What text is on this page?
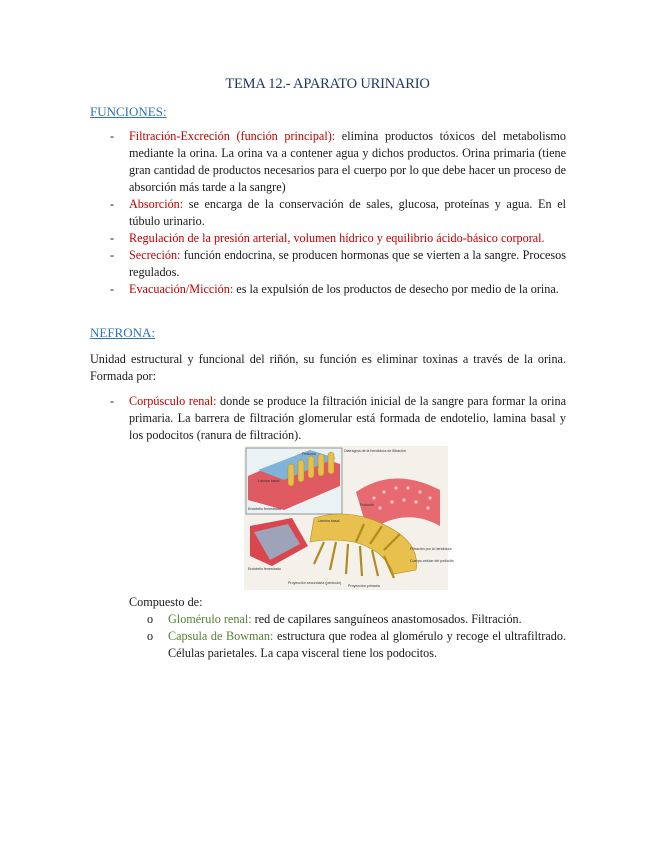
TEMA 12.- APARATO URINARIO
FUNCIONES:
- Filtración-Excreción (función principal): elimina productos tóxicos del metabolismo mediante la orina. La orina va a contener agua y dichos productos. Orina primaria (tiene gran cantidad de productos necesarios para el cuerpo por lo que debe hacer un proceso de absorción más tarde a la sangre)
- Absorción: se encarga de la conservación de sales, glucosa, proteínas y agua. En el túbulo urinario.
- Regulación de la presión arterial, volumen hídrico y equilibrio ácido-básico corporal.
- Secreción: función endocrina, se producen hormonas que se vierten a la sangre. Procesos regulados.
- Evacuación/Micción: es la expulsión de los productos de desecho por medio de la orina.
NEFRONA:
Unidad estructural y funcional del riñón, su función es eliminar toxinas a través de la orina. Formada por:
- Corpúsculo renal: donde se produce la filtración inicial de la sangre para formar la orina primaria. La barrera de filtración glomerular está formada de endotelio, lamina basal y los podocitos (ranura de filtración).
Pedículo
Diafragma de la hendidura de filtración
Lámina basal
Endotelio fenestrado
Lámina basal
Podocito
Filtración por la hendidura
Cuerpo celular del podocito
Endotelio fenestrado
Proyección secundaria (pedículo)
Proyección primaria
Compuesto de:
o Glomérulo renal: red de capilares sanguíneos anastomosados. Filtración.
o Capsula de Bowman: estructura que rodea al glomérulo y recoge el ultrafiltrado. Células parietales. La capa visceral tiene los podocitos.
